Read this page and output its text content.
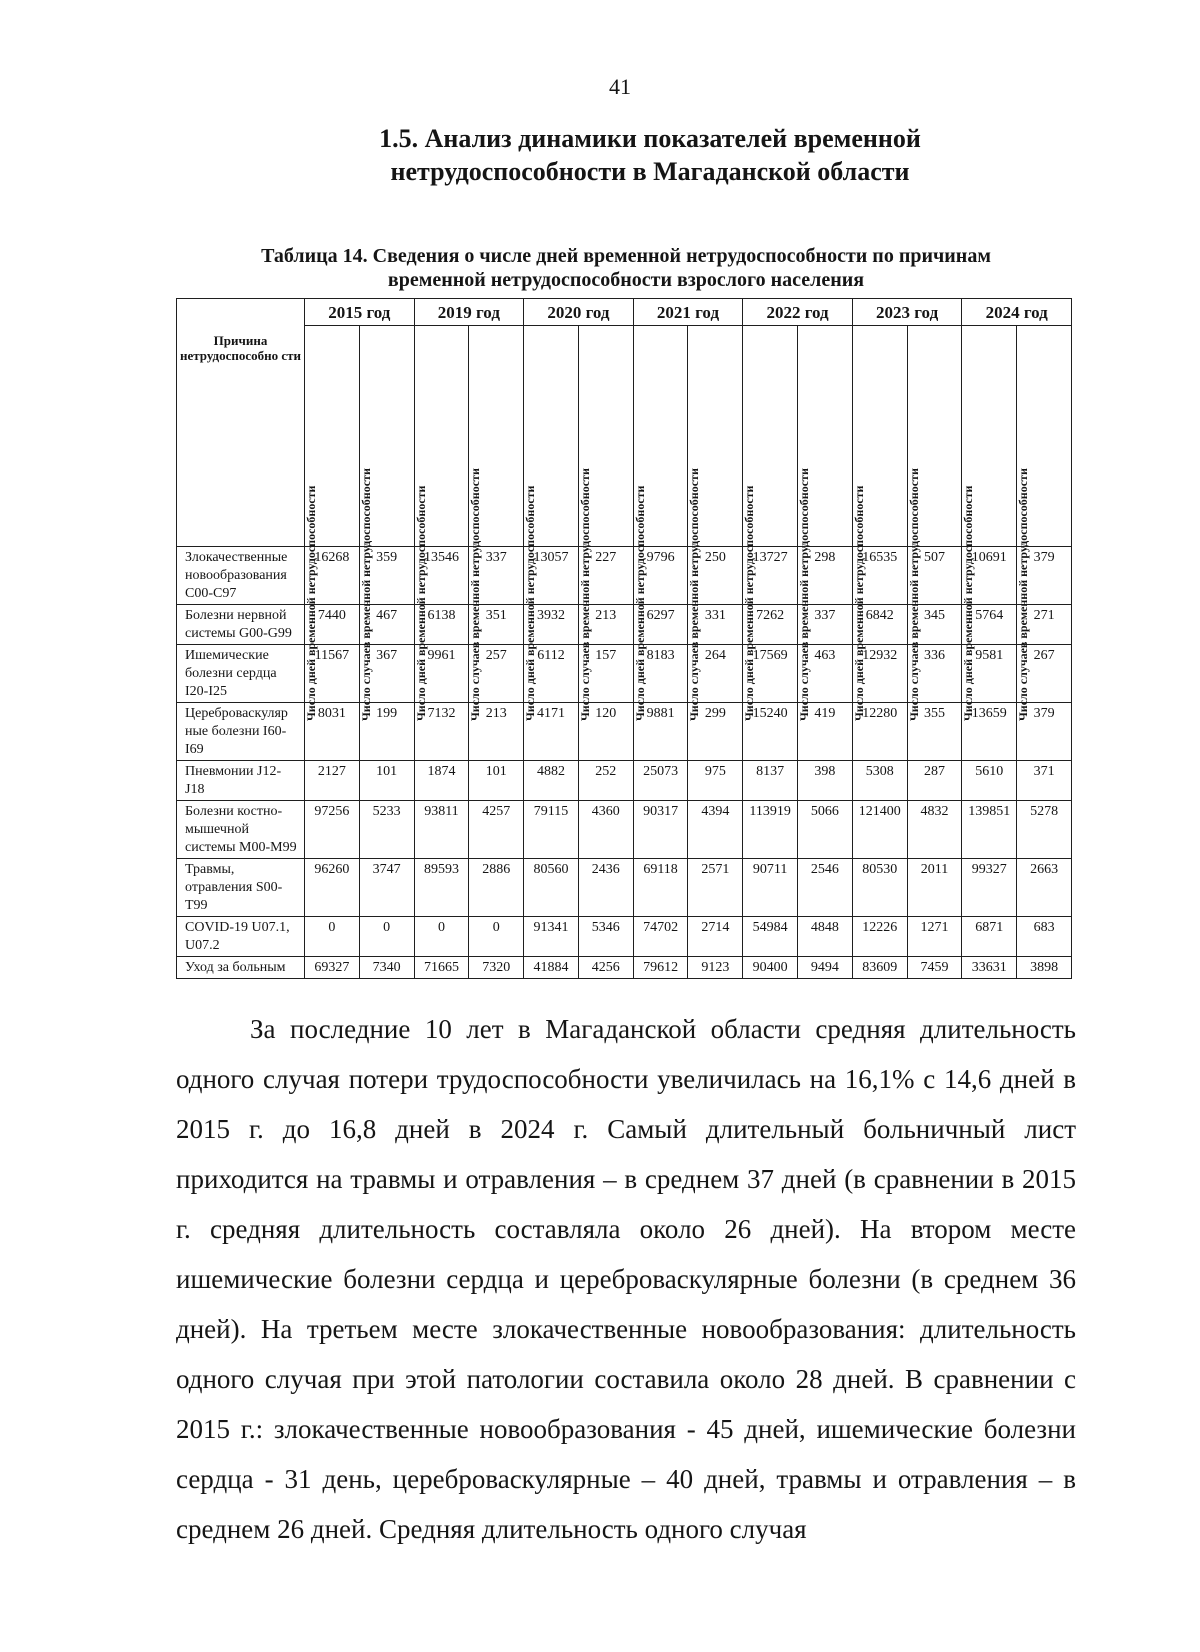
41
1.5. Анализ динамики показателей временной
нетрудоспособности в Магаданской области
Таблица 14. Сведения о числе дней временной нетрудоспособности по причинам
временной нетрудоспособности взрослого населения
Причина нетрудоспособно сти	2015 год		2019 год		2020 год		2021 год		2022 год		2023 год		2024 год	

	Число дней временной нетрудоспособности	Число случаев временной нетрудоспособности	Число дней временной нетрудоспособности	Число случаев временной нетрудоспособности	Число дней временной нетрудоспособности	Число случаев временной нетрудоспособности	Число дней временной нетрудоспособности	Число случаев временной нетрудоспособности	Число дней временной нетрудоспособности	Число случаев временной нетрудоспособности	Число дней временной нетрудоспособности	Число случаев временной нетрудоспособности	Число дней временной нетрудоспособности	Число случаев временной нетрудоспособности

Злокачественные новообразования C00-C97	16268	359	13546	337	13057	227	9796	250	13727	298	16535	507	10691	379
Болезни нервной системы G00-G99	7440	467	6138	351	3932	213	6297	331	7262	337	6842	345	5764	271
Ишемические болезни сердца I20-I25	11567	367	9961	257	6112	157	8183	264	17569	463	12932	336	9581	267
Цереброваскуляр ные болезни I60-I69	8031	199	7132	213	4171	120	9881	299	15240	419	12280	355	13659	379
Пневмонии J12-J18	2127	101	1874	101	4882	252	25073	975	8137	398	5308	287	5610	371
Болезни костно-мышечной системы M00-M99	97256	5233	93811	4257	79115	4360	90317	4394	113919	5066	121400	4832	139851	5278
Травмы, отравления S00-T99	96260	3747	89593	2886	80560	2436	69118	2571	90711	2546	80530	2011	99327	2663
COVID-19 U07.1, U07.2	0	0	0	0	91341	5346	74702	2714	54984	4848	12226	1271	6871	683
Уход за больным	69327	7340	71665	7320	41884	4256	79612	9123	90400	9494	83609	7459	33631	3898

За последние 10 лет в Магаданской области средняя длительность одного случая потери трудоспособности увеличилась на 16,1% с 14,6 дней в 2015 г. до 16,8 дней в 2024 г. Самый длительный больничный лист приходится на травмы и отравления – в среднем 37 дней (в сравнении в 2015 г. средняя длительность составляла около 26 дней). На втором месте ишемические болезни сердца и цереброваскулярные болезни (в среднем 36 дней). На третьем месте злокачественные новообразования: длительность одного случая при этой патологии составила около 28 дней. В сравнении с 2015 г.: злокачественные новообразования - 45 дней, ишемические болезни сердца - 31 день, цереброваскулярные – 40 дней, травмы и отравления – в среднем 26 дней. Средняя длительность одного случая
